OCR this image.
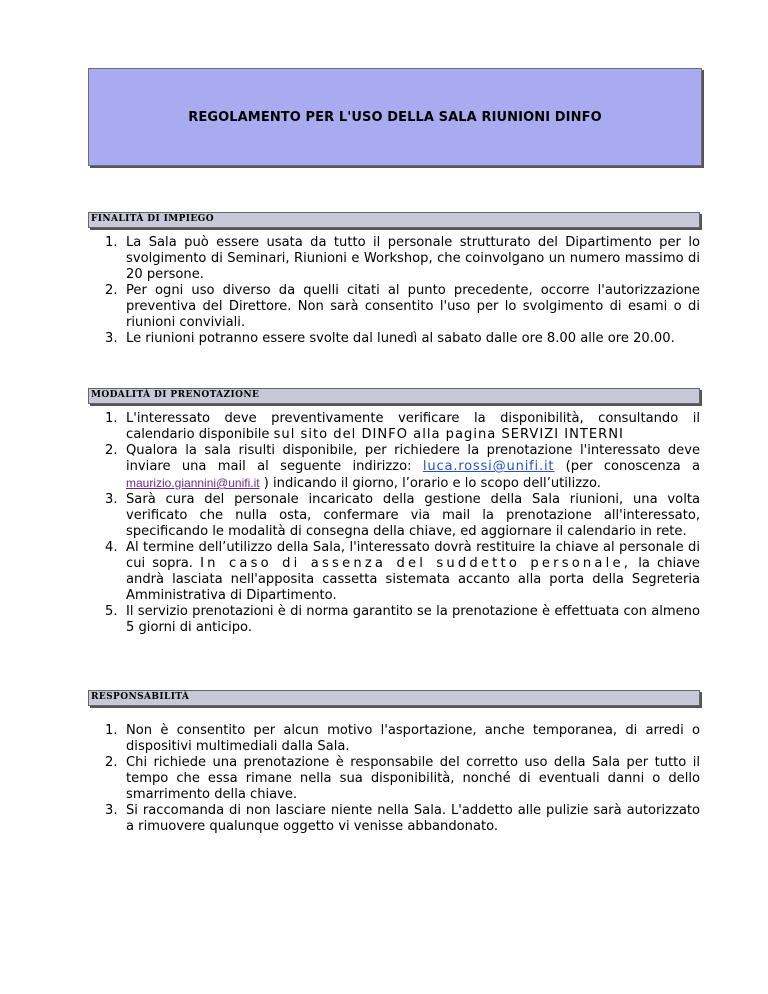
REGOLAMENTO PER L'USO DELLA SALA RIUNIONI DINFO
FINALITÀ DI IMPIEGO
1. La Sala può essere usata da tutto il personale strutturato del Dipartimento per lo svolgimento di Seminari, Riunioni e Workshop, che coinvolgano un numero massimo di 20 persone.
2. Per ogni uso diverso da quelli citati al punto precedente, occorre l'autorizzazione preventiva del Direttore. Non sarà consentito l'uso per lo svolgimento di esami o di riunioni conviviali.
3. Le riunioni potranno essere svolte dal lunedì al sabato dalle ore 8.00 alle ore 20.00.
MODALITÀ DI PRENOTAZIONE
1. L'interessato deve preventivamente verificare la disponibilità, consultando il calendario disponibile sul sito del DINFO alla pagina SERVIZI INTERNI
2. Qualora la sala risulti disponibile, per richiedere la prenotazione l'interessato deve inviare una mail al seguente indirizzo: luca.rossi@unifi.it (per conoscenza a maurizio.giannini@unifi.it ) indicando il giorno, l’orario e lo scopo dell’utilizzo.
3. Sarà cura del personale incaricato della gestione della Sala riunioni, una volta verificato che nulla osta, confermare via mail la prenotazione all'interessato, specificando le modalità di consegna della chiave, ed aggiornare il calendario in rete.
4. Al termine dell’utilizzo della Sala, l'interessato dovrà restituire la chiave al personale di cui sopra. In caso di assenza del suddetto personale, la chiave andrà lasciata nell'apposita cassetta sistemata accanto alla porta della Segreteria Amministrativa di Dipartimento.
5. Il servizio prenotazioni è di norma garantito se la prenotazione è effettuata con almeno 5 giorni di anticipo.
RESPONSABILITÀ
1. Non è consentito per alcun motivo l'asportazione, anche temporanea, di arredi o dispositivi multimediali dalla Sala.
2. Chi richiede una prenotazione è responsabile del corretto uso della Sala per tutto il tempo che essa rimane nella sua disponibilità, nonché di eventuali danni o dello smarrimento della chiave.
3. Si raccomanda di non lasciare niente nella Sala. L'addetto alle pulizie sarà autorizzato a rimuovere qualunque oggetto vi venisse abbandonato.
